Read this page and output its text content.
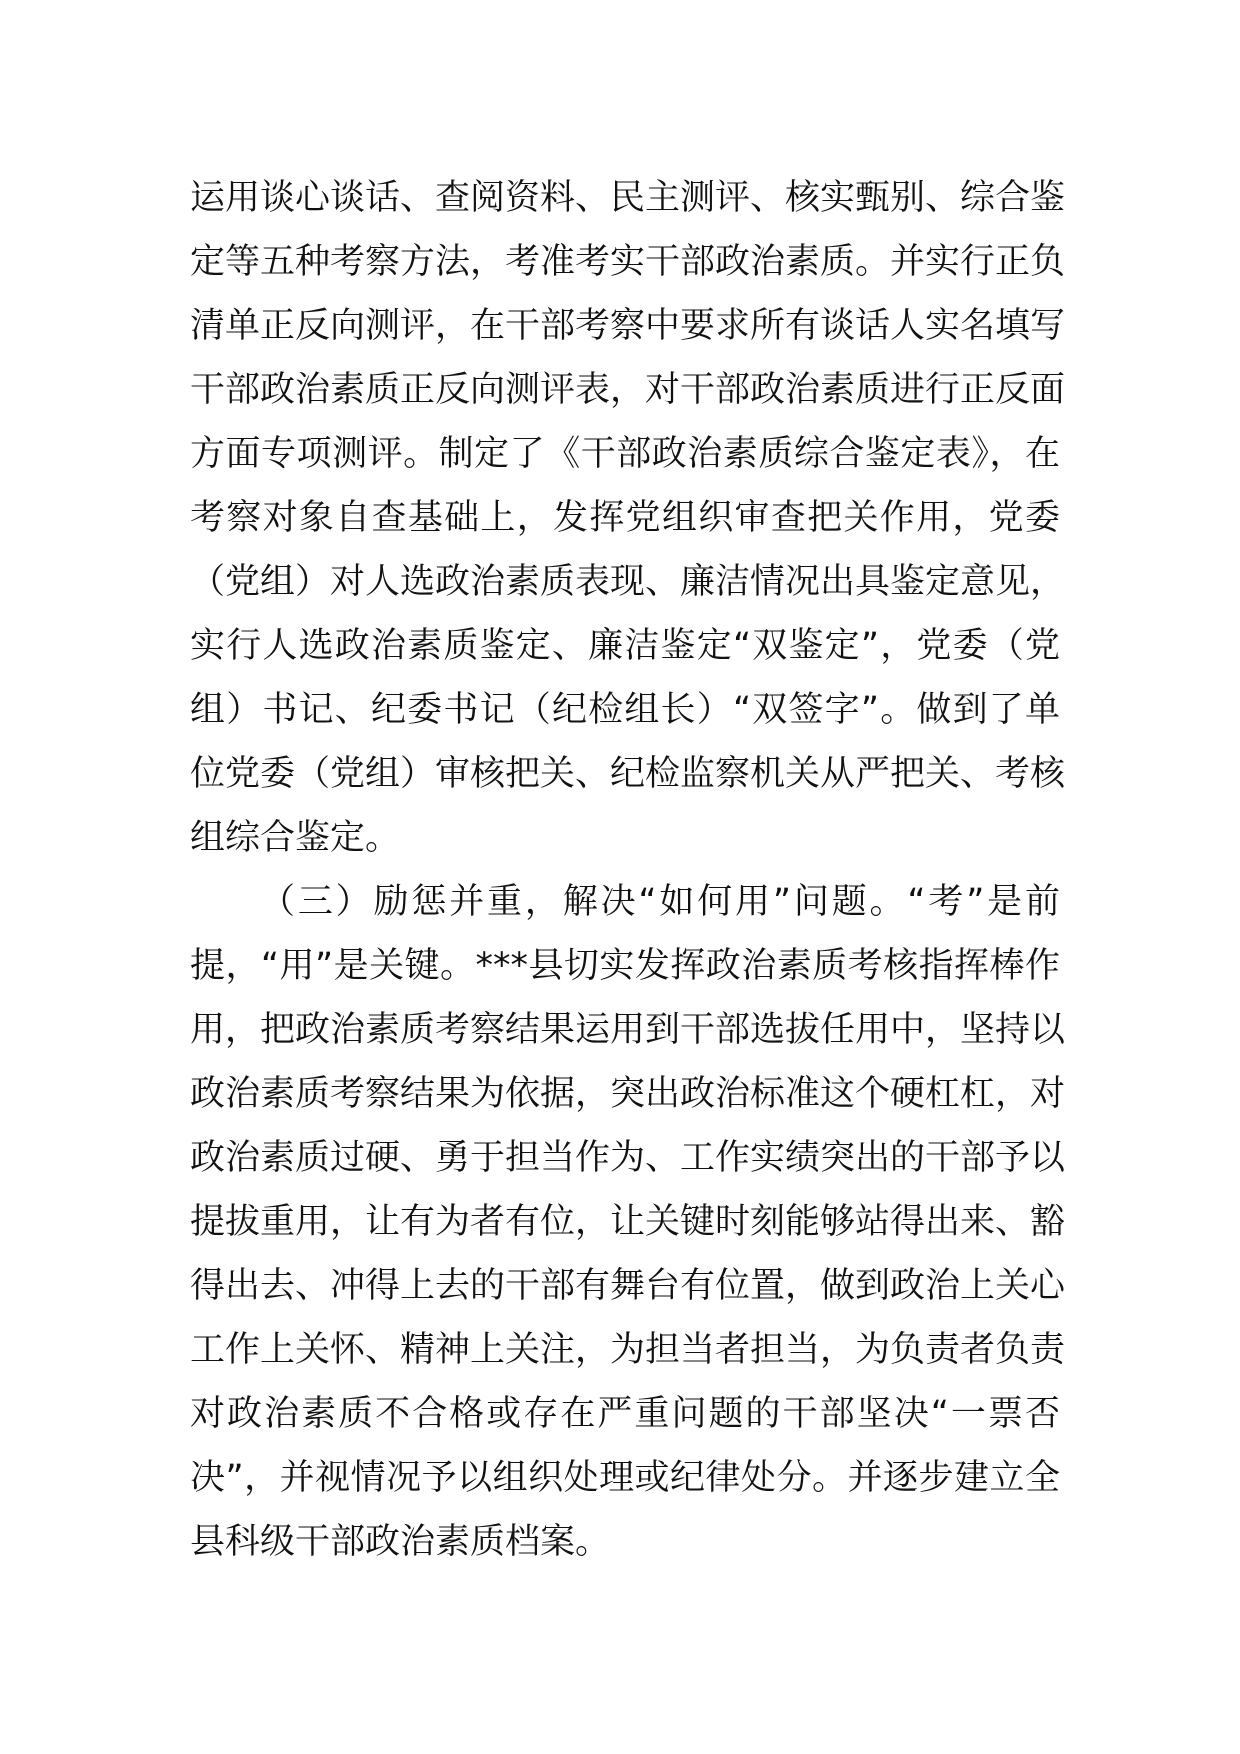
运用谈心谈话、查阅资料、民主测评、核实甄别、综合鉴
定等五种考察方法，考准考实干部政治素质。并实行正负
清单正反向测评，在干部考察中要求所有谈话人实名填写
干部政治素质正反向测评表，对干部政治素质进行正反面
方面专项测评。制定了《干部政治素质综合鉴定表》，在
考察对象自查基础上，发挥党组织审查把关作用，党委
（党组）对人选政治素质表现、廉洁情况出具鉴定意见，
实行人选政治素质鉴定、廉洁鉴定“双鉴定”，党委（党
组）书记、纪委书记（纪检组长）“双签字”。做到了单
位党委（党组）审核把关、纪检监察机关从严把关、考核
组综合鉴定。
（三）励惩并重，解决“如何用”问题。“考”是前
提，“用”是关键。***县切实发挥政治素质考核指挥棒作
用，把政治素质考察结果运用到干部选拔任用中，坚持以
政治素质考察结果为依据，突出政治标准这个硬杠杠，对
政治素质过硬、勇于担当作为、工作实绩突出的干部予以
提拔重用，让有为者有位，让关键时刻能够站得出来、豁
得出去、冲得上去的干部有舞台有位置，做到政治上关心
工作上关怀、精神上关注，为担当者担当，为负责者负责
对政治素质不合格或存在严重问题的干部坚决“一票否
决”，并视情况予以组织处理或纪律处分。并逐步建立全
县科级干部政治素质档案。
